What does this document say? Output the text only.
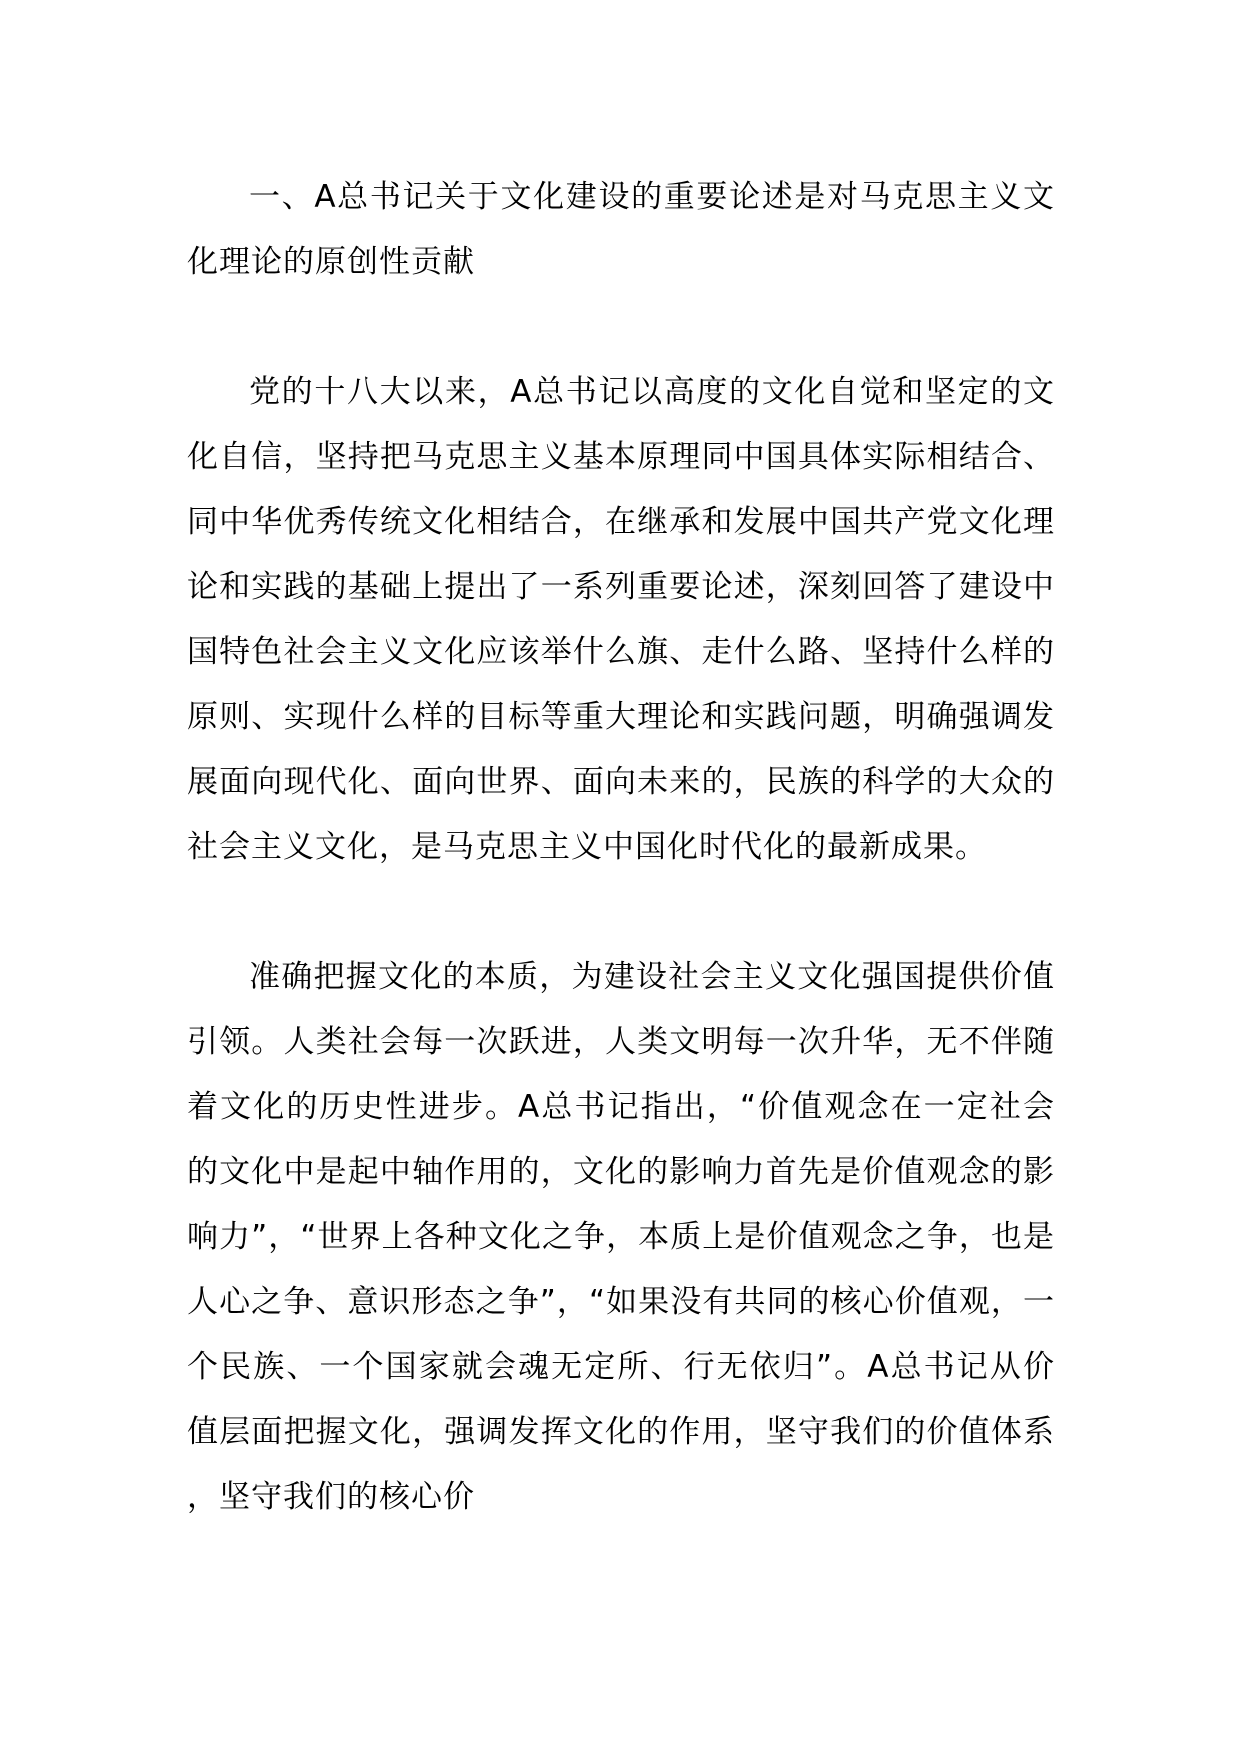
一、A总书记关于文化建设的重要论述是对马克思主义文化理论的原创性贡献

党的十八大以来，A总书记以高度的文化自觉和坚定的文化自信，坚持把马克思主义基本原理同中国具体实际相结合、同中华优秀传统文化相结合，在继承和发展中国共产党文化理论和实践的基础上提出了一系列重要论述，深刻回答了建设中国特色社会主义文化应该举什么旗、走什么路、坚持什么样的原则、实现什么样的目标等重大理论和实践问题，明确强调发展面向现代化、面向世界、面向未来的，民族的科学的大众的社会主义文化，是马克思主义中国化时代化的最新成果。

准确把握文化的本质，为建设社会主义文化强国提供价值引领。人类社会每一次跃进，人类文明每一次升华，无不伴随着文化的历史性进步。A总书记指出，“价值观念在一定社会的文化中是起中轴作用的，文化的影响力首先是价值观念的影响力”，“世界上各种文化之争，本质上是价值观念之争，也是人心之争、意识形态之争”，“如果没有共同的核心价值观，一个民族、一个国家就会魂无定所、行无依归”。A总书记从价值层面把握文化，强调发挥文化的作用，坚守我们的价值体系，坚守我们的核心价
